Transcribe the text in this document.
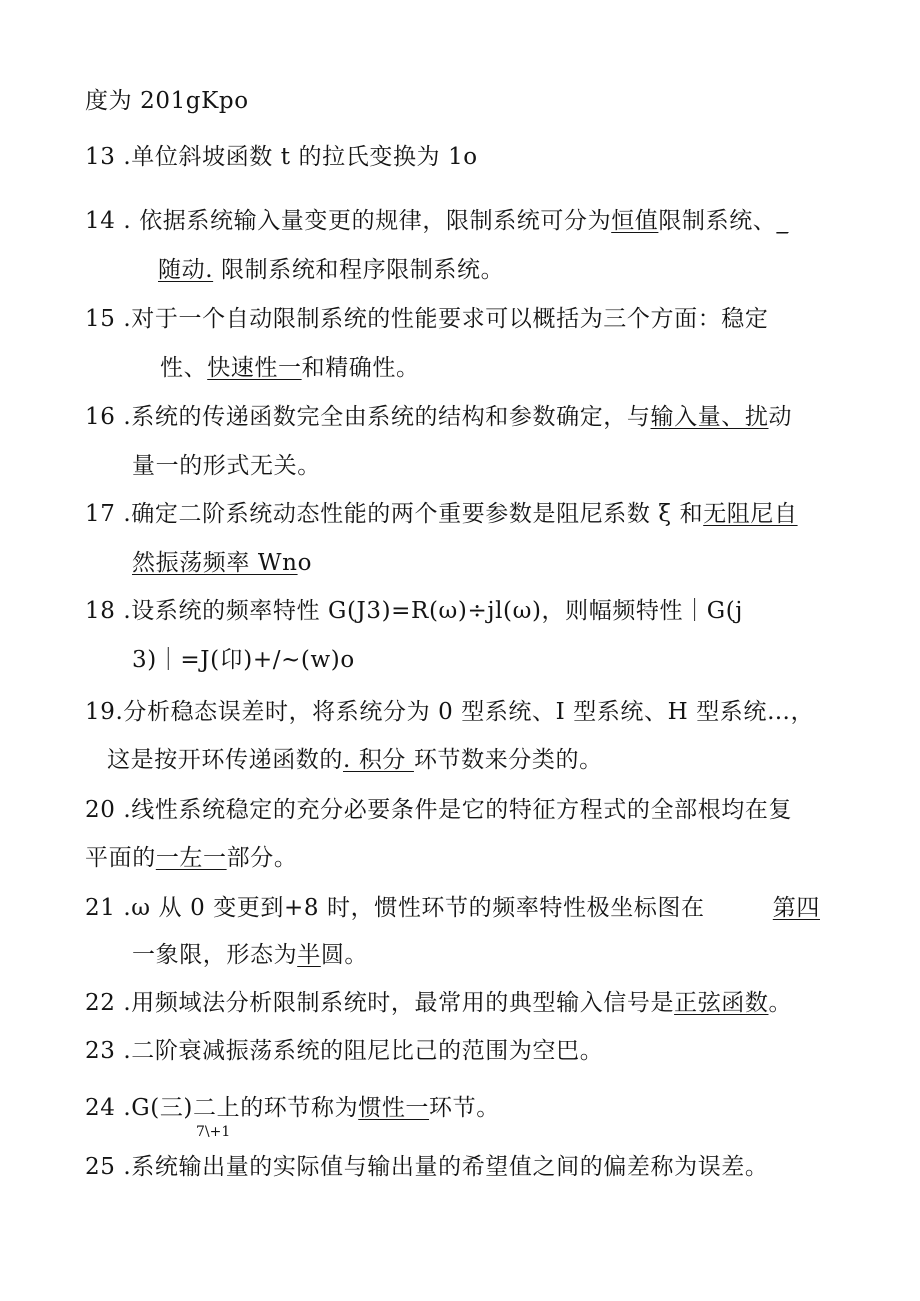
度为 201gKpo
13 .单位斜坡函数 t 的拉氏变换为 1o
14 . 依据系统输入量变更的规律，限制系统可分为恒值限制系统、_
随动. 限制系统和程序限制系统。
15 .对于一个自动限制系统的性能要求可以概括为三个方面：稳定
性、快速性一和精确性。
16 .系统的传递函数完全由系统的结构和参数确定，与输入量、扰动
量一的形式无关。
17 .确定二阶系统动态性能的两个重要参数是阻尼系数 ξ 和无阻尼自
然振荡频率 Wno
18 .设系统的频率特性 G(J3)=R(ω)÷jl(ω)，则幅频特性｜G(j
3)｜=J(卬)+/~(w)o
19.分析稳态误差时，将系统分为 0 型系统、I 型系统、H 型系统…，
这是按开环传递函数的. 积分 环节数来分类的。
20 .线性系统稳定的充分必要条件是它的特征方程式的全部根均在复
平面的一左一部分。
21 .ω 从 0 变更到+8 时，惯性环节的频率特性极坐标图在	第四
一象限，形态为半圆。
22 .用频域法分析限制系统时，最常用的典型输入信号是正弦函数。
23 .二阶衰减振荡系统的阻尼比己的范围为空巴。
24 .G(三)二上的环节称为惯性一环节。
7\+1
25 .系统输出量的实际值与输出量的希望值之间的偏差称为误差。
